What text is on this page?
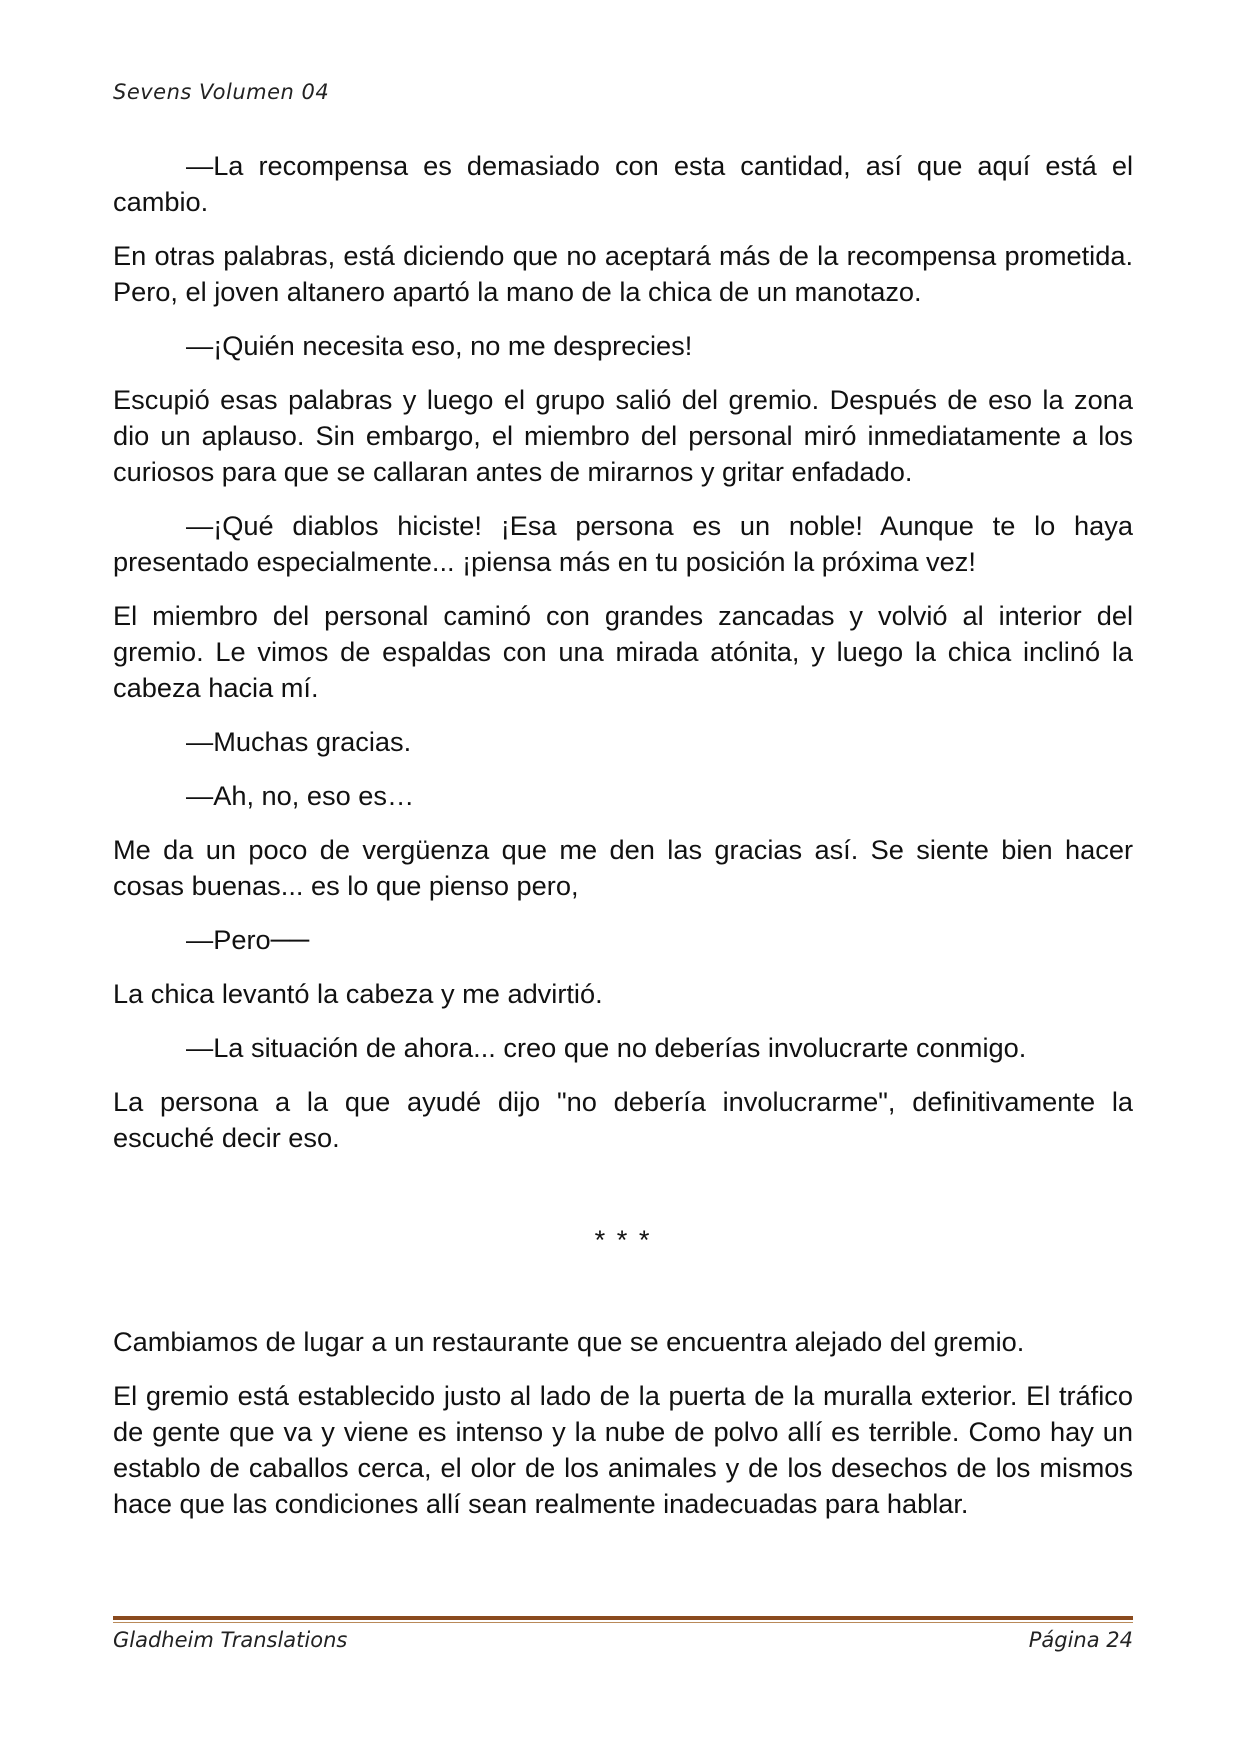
Sevens Volumen 04

—La recompensa es demasiado con esta cantidad, así que aquí está el cambio.

En otras palabras, está diciendo que no aceptará más de la recompensa prometida. Pero, el joven altanero apartó la mano de la chica de un manotazo.

—¡Quién necesita eso, no me desprecies!

Escupió esas palabras y luego el grupo salió del gremio. Después de eso la zona dio un aplauso. Sin embargo, el miembro del personal miró inmediatamente a los curiosos para que se callaran antes de mirarnos y gritar enfadado.

—¡Qué diablos hiciste! ¡Esa persona es un noble! Aunque te lo haya presentado especialmente... ¡piensa más en tu posición la próxima vez!

El miembro del personal caminó con grandes zancadas y volvió al interior del gremio. Le vimos de espaldas con una mirada atónita, y luego la chica inclinó la cabeza hacia mí.

—Muchas gracias.

—Ah, no, eso es…

Me da un poco de vergüenza que me den las gracias así. Se siente bien hacer cosas buenas... es lo que pienso pero,

—Pero──

La chica levantó la cabeza y me advirtió.

—La situación de ahora... creo que no deberías involucrarte conmigo.

La persona a la que ayudé dijo "no debería involucrarme", definitivamente la escuché decir eso.

* * *

Cambiamos de lugar a un restaurante que se encuentra alejado del gremio.

El gremio está establecido justo al lado de la puerta de la muralla exterior. El tráfico de gente que va y viene es intenso y la nube de polvo allí es terrible. Como hay un establo de caballos cerca, el olor de los animales y de los desechos de los mismos hace que las condiciones allí sean realmente inadecuadas para hablar.

Gladheim Translations	Página 24
